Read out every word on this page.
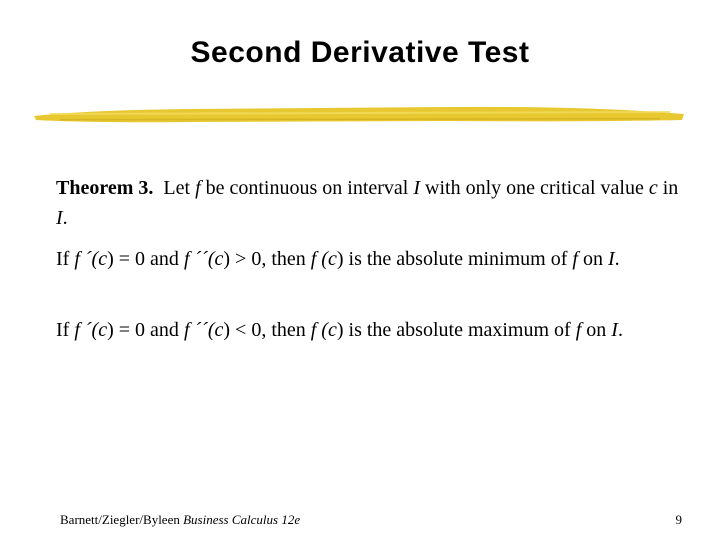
Second Derivative Test
Theorem 3. Let f be continuous on interval I with only one critical value c in I.
If f ´(c) = 0 and f ´´(c) > 0, then f (c) is the absolute minimum of f on I.
If f ´(c) = 0 and f ´´(c) < 0, then f (c) is the absolute maximum of f on I.
Barnett/Ziegler/Byleen Business Calculus 12e	9
